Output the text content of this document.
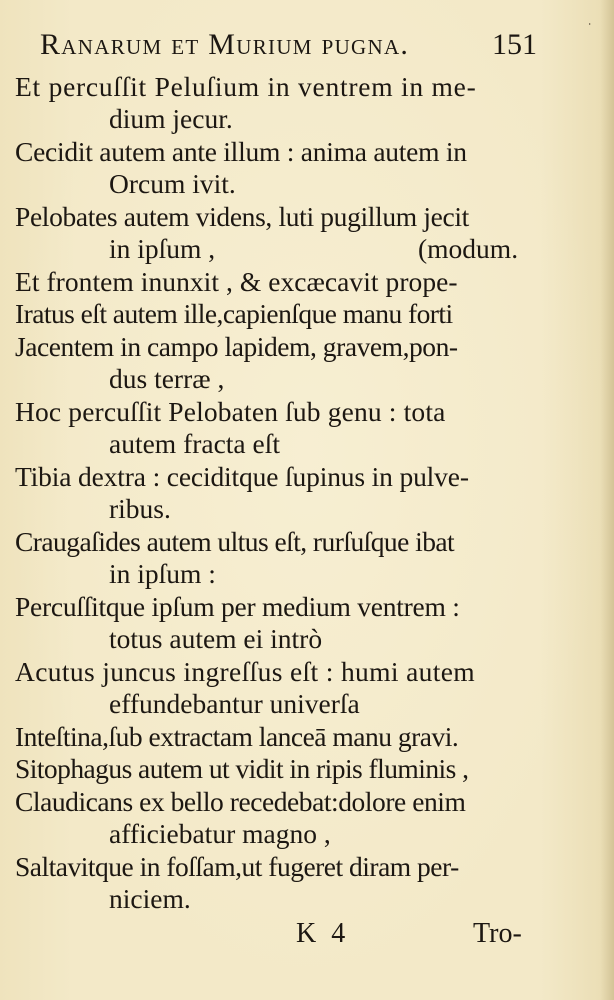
ˌ
Ranarum et Murium pugna.	151
Et percuſſit Peluſium in ventrem in me-
dium jecur.
Cecidit autem ante illum : anima autem in
Orcum ivit.
Pelobates autem videns, luti pugillum jecit
in ipſum ,	(modum.
Et frontem inunxit , & excæcavit prope-
Iratus eſt autem ille,capienſque manu forti
Jacentem in campo lapidem, gravem,pon-
dus terræ ,
Hoc percuſſit Pelobaten ſub genu : tota
autem fracta eſt
Tibia dextra : ceciditque ſupinus in pulve-
ribus.
Craugaſides autem ultus eſt, rurſuſque ibat
in ipſum :
Percuſſitque ipſum per medium ventrem :
totus autem ei intrò
Acutus juncus ingreſſus eſt : humi autem
effundebantur univerſa
Inteſtina,ſub extractam lanceā manu gravi.
Sitophagus autem ut vidit in ripis fluminis ,
Claudicans ex bello recedebat:dolore enim
afficiebatur magno ,
Saltavitque in foſſam,ut fugeret diram per-
niciem.
K 4	Tro-
